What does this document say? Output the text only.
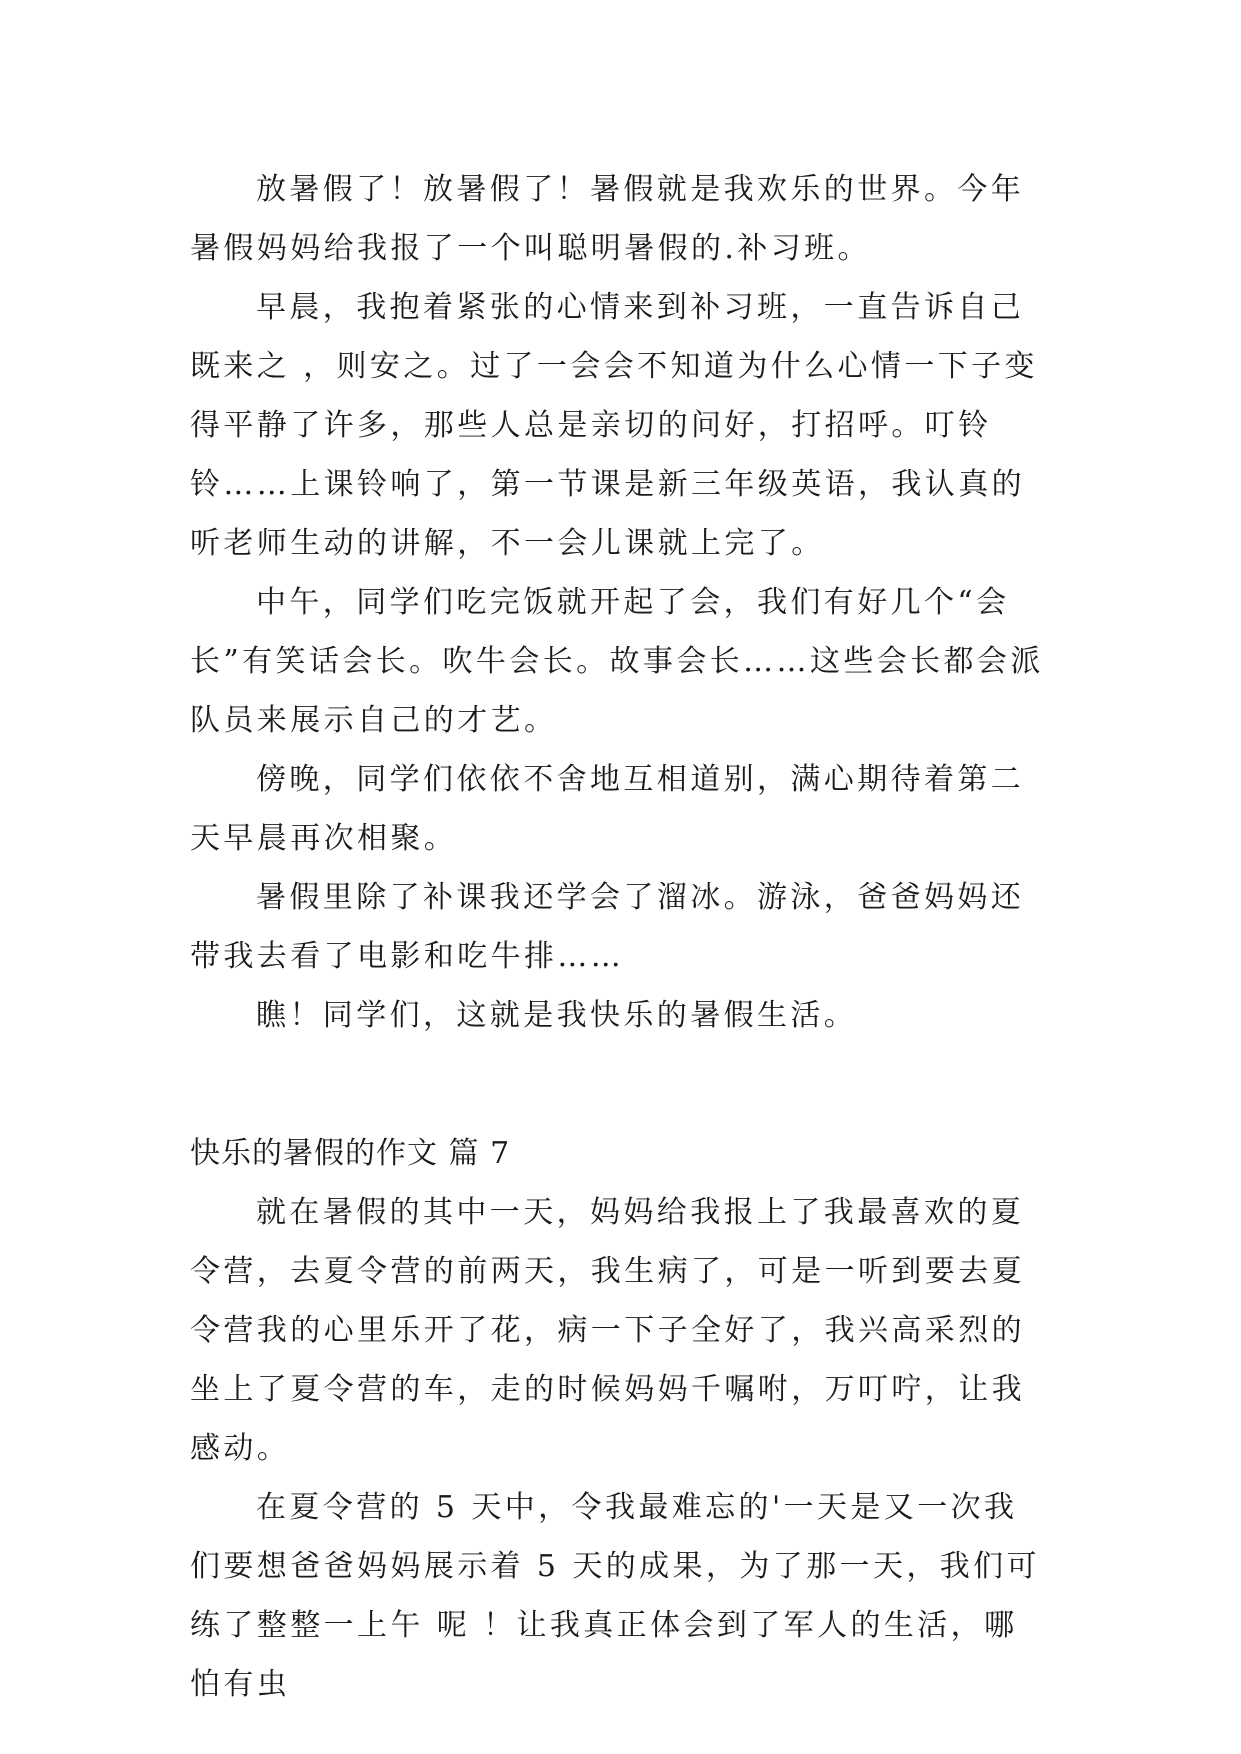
放暑假了！放暑假了！暑假就是我欢乐的世界。今年暑假妈妈给我报了一个叫聪明暑假的.补习班。

早晨，我抱着紧张的心情来到补习班，一直告诉自己既来之 ，则安之。过了一会会不知道为什么心情一下子变得平静了许多，那些人总是亲切的问好，打招呼。叮铃铃……上课铃响了，第一节课是新三年级英语，我认真的听老师生动的讲解，不一会儿课就上完了。

中午，同学们吃完饭就开起了会，我们有好几个“会长”有笑话会长。吹牛会长。故事会长……这些会长都会派队员来展示自己的才艺。

傍晚，同学们依依不舍地互相道别，满心期待着第二天早晨再次相聚。

暑假里除了补课我还学会了溜冰。游泳，爸爸妈妈还带我去看了电影和吃牛排……

瞧！同学们，这就是我快乐的暑假生活。

快乐的暑假的作文 篇 7

就在暑假的其中一天，妈妈给我报上了我最喜欢的夏令营，去夏令营的前两天，我生病了，可是一听到要去夏令营我的心里乐开了花，病一下子全好了，我兴高采烈的坐上了夏令营的车，走的时候妈妈千嘱咐，万叮咛，让我感动。

在夏令营的 5 天中，令我最难忘的'一天是又一次我们要想爸爸妈妈展示着 5 天的成果，为了那一天，我们可练了整整一上午 呢 ！让我真正体会到了军人的生活，哪怕有虫
